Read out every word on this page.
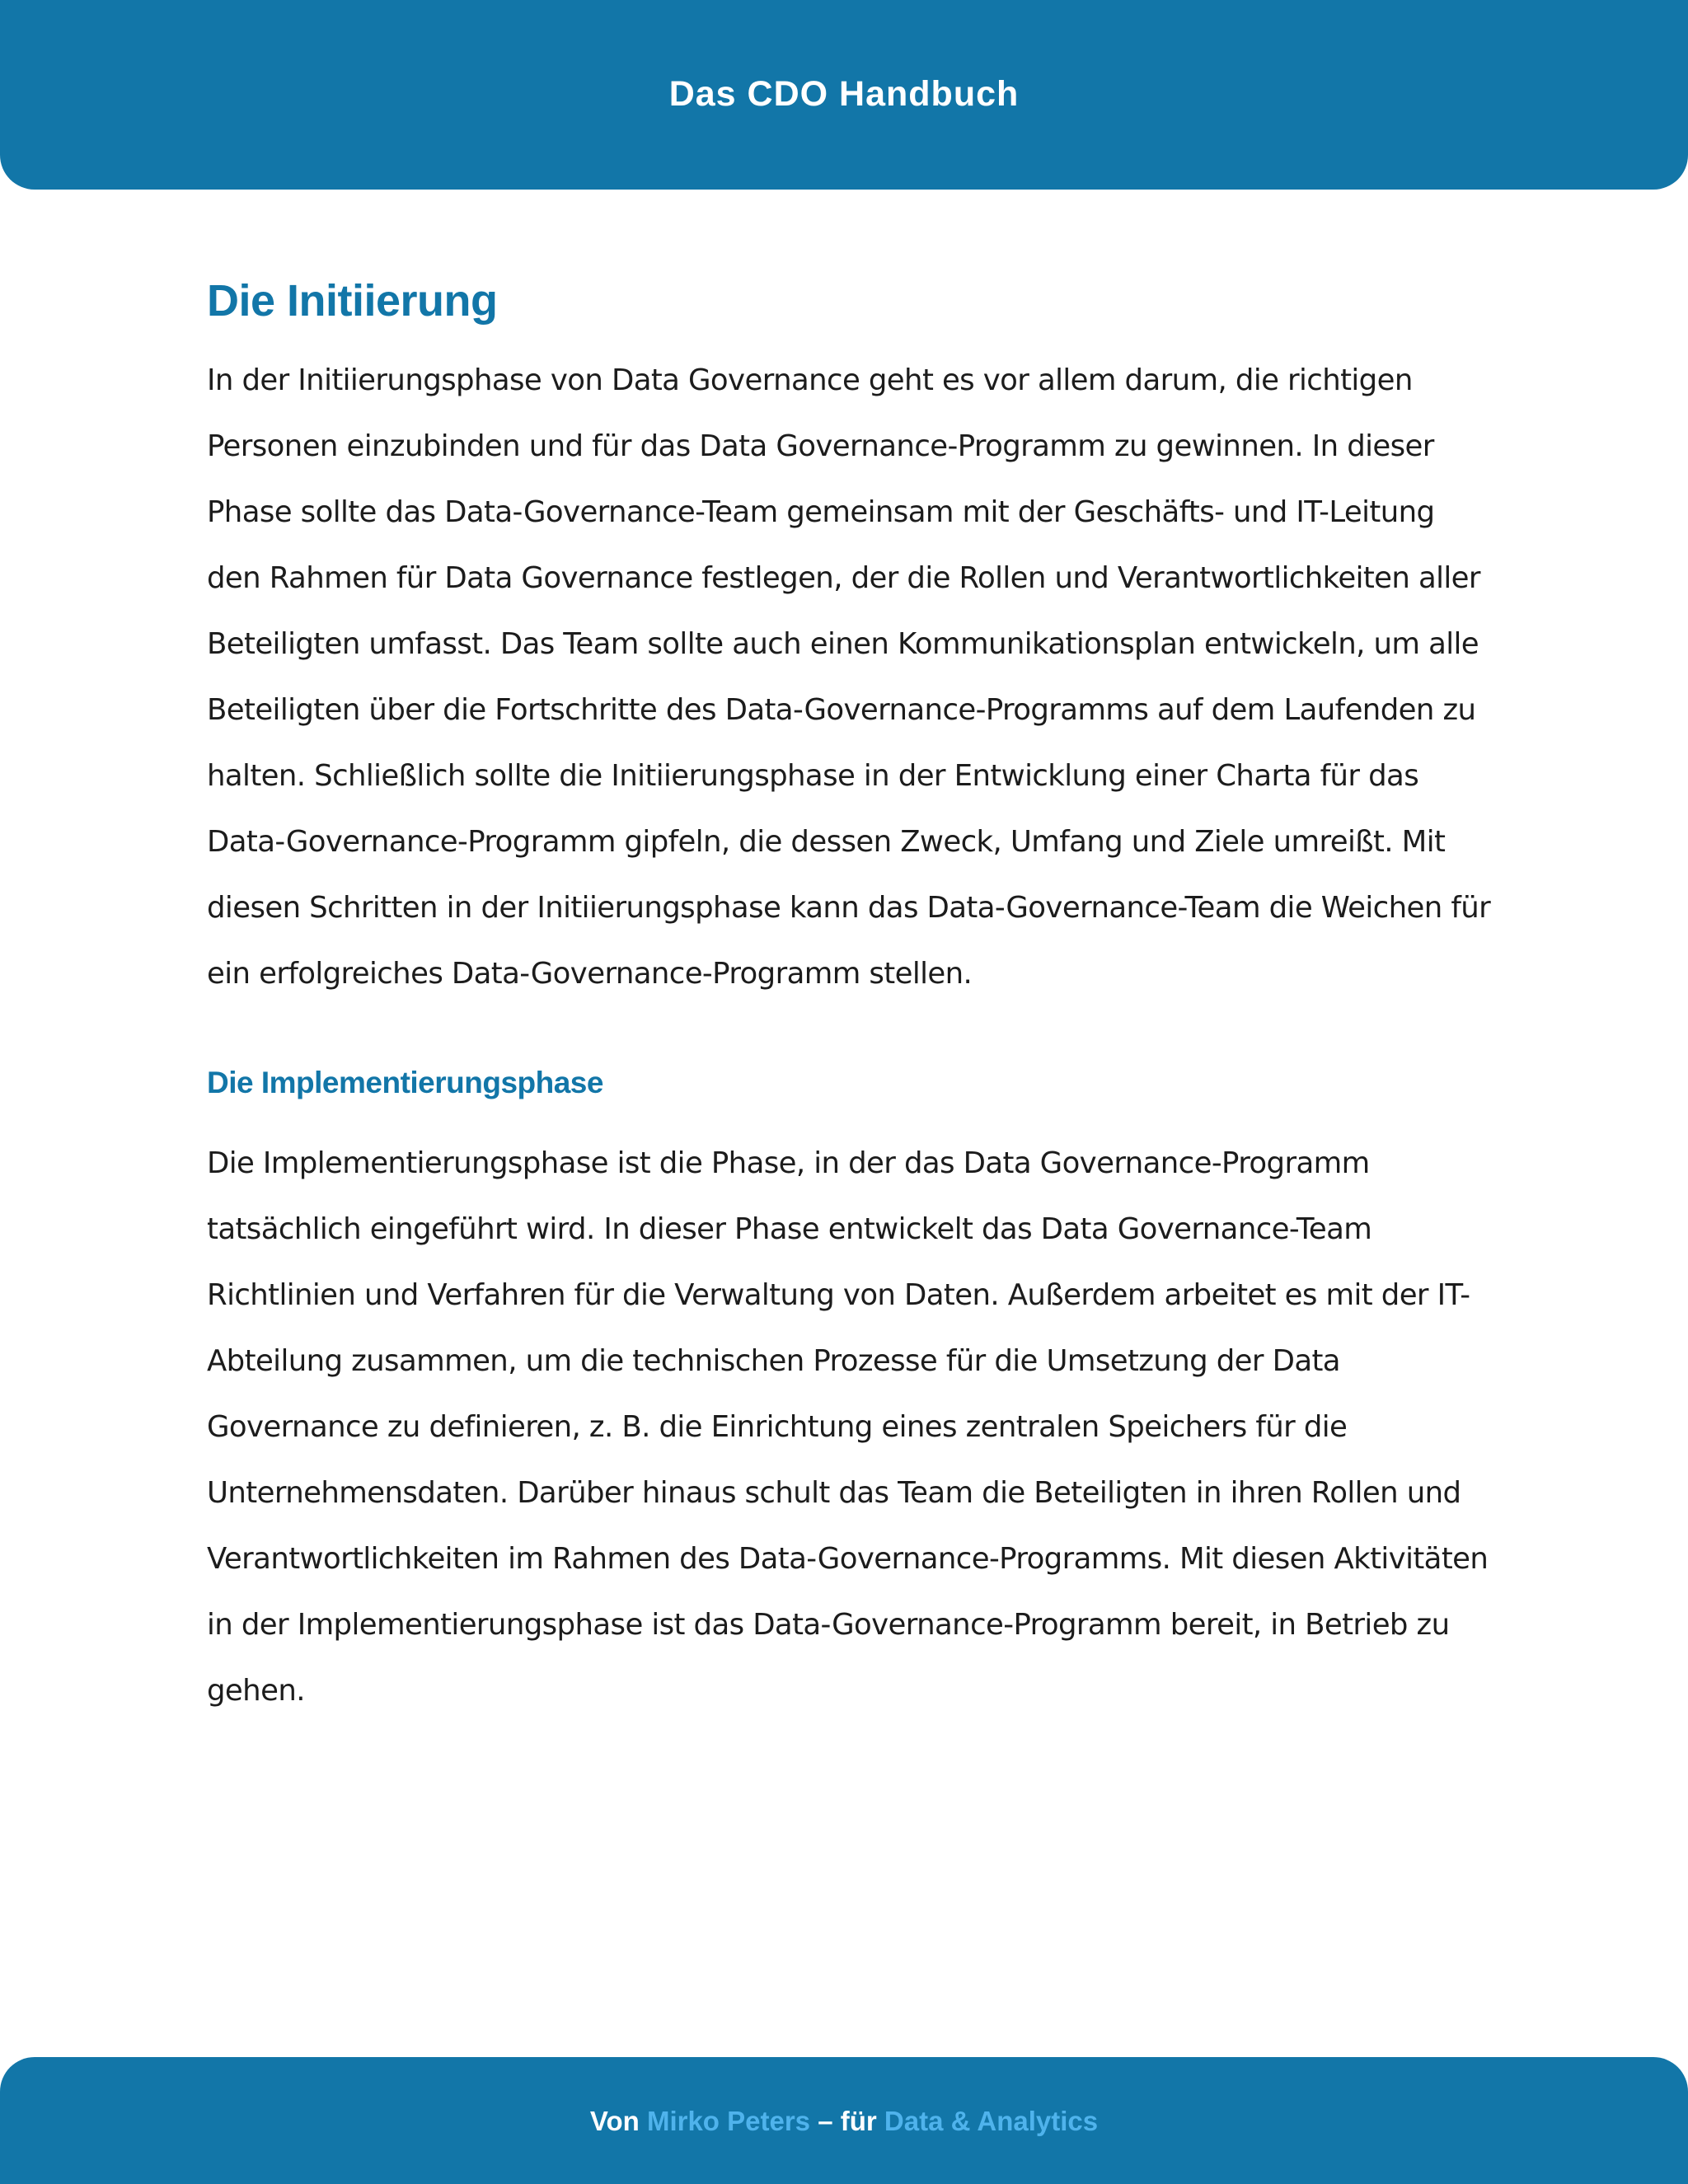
Das CDO Handbuch
Die Initiierung

In der Initiierungsphase von Data Governance geht es vor allem darum, die richtigen Personen einzubinden und für das Data Governance-Programm zu gewinnen. In dieser Phase sollte das Data-Governance-Team gemeinsam mit der Geschäfts- und IT-Leitung den Rahmen für Data Governance festlegen, der die Rollen und Verantwortlichkeiten aller Beteiligten umfasst. Das Team sollte auch einen Kommunikationsplan entwickeln, um alle Beteiligten über die Fortschritte des Data-Governance-Programms auf dem Laufenden zu halten. Schließlich sollte die Initiierungsphase in der Entwicklung einer Charta für das Data-Governance-Programm gipfeln, die dessen Zweck, Umfang und Ziele umreißt. Mit diesen Schritten in der Initiierungsphase kann das Data-Governance-Team die Weichen für ein erfolgreiches Data-Governance-Programm stellen.

Die Implementierungsphase

Die Implementierungsphase ist die Phase, in der das Data Governance-Programm tatsächlich eingeführt wird. In dieser Phase entwickelt das Data Governance-Team Richtlinien und Verfahren für die Verwaltung von Daten. Außerdem arbeitet es mit der IT-Abteilung zusammen, um die technischen Prozesse für die Umsetzung der Data Governance zu definieren, z. B. die Einrichtung eines zentralen Speichers für die Unternehmensdaten. Darüber hinaus schult das Team die Beteiligten in ihren Rollen und Verantwortlichkeiten im Rahmen des Data-Governance-Programms. Mit diesen Aktivitäten in der Implementierungsphase ist das Data-Governance-Programm bereit, in Betrieb zu gehen.

Von Mirko Peters – für Data & Analytics
